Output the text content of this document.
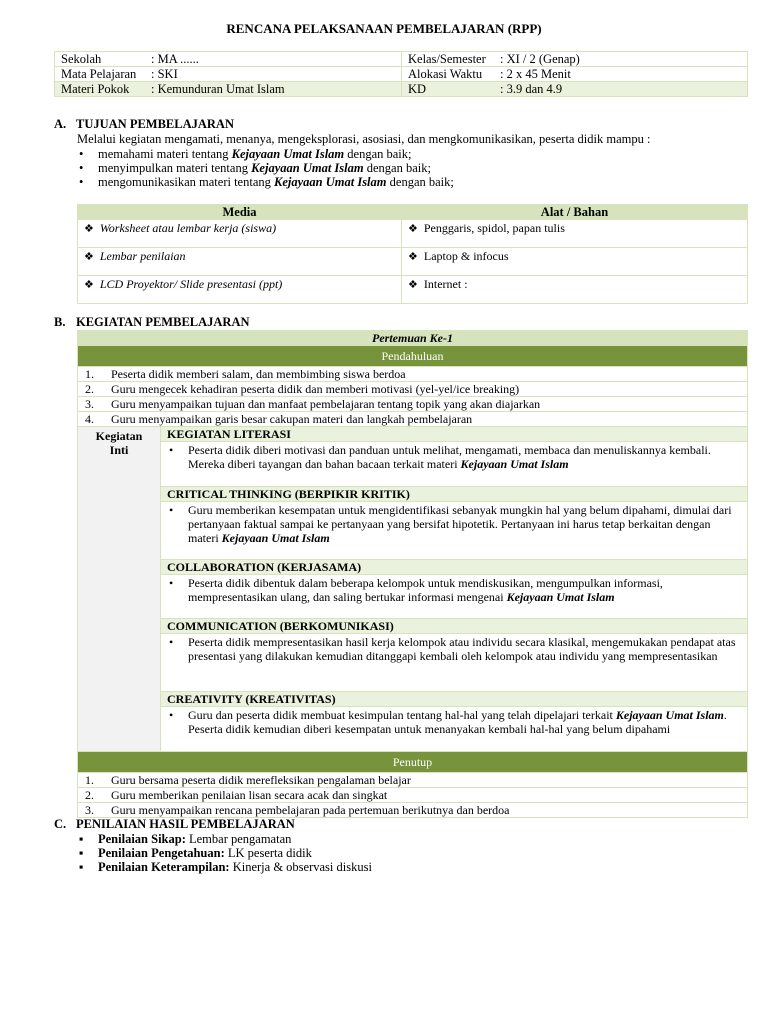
RENCANA PELAKSANAAN PEMBELAJARAN (RPP)
Sekolah : MA ......	Kelas/Semester : XI / 2 (Genap)
Mata Pelajaran : SKI	Alokasi Waktu : 2 x 45 Menit
Materi Pokok : Kemunduran Umat Islam	KD : 3.9 dan 4.9
A. TUJUAN PEMBELAJARAN
Melalui kegiatan mengamati, menanya, mengeksplorasi, asosiasi, dan mengkomunikasikan, peserta didik mampu :
• memahami materi tentang Kejayaan Umat Islam dengan baik;
• menyimpulkan materi tentang Kejayaan Umat Islam dengan baik;
• mengomunikasikan materi tentang Kejayaan Umat Islam dengan baik;
Media	Alat / Bahan
❖ Worksheet atau lembar kerja (siswa)	❖ Penggaris, spidol, papan tulis
❖ Lembar penilaian	❖ Laptop & infocus
❖ LCD Proyektor/ Slide presentasi (ppt)	❖ Internet :
B. KEGIATAN PEMBELAJARAN
Pertemuan Ke-1
Pendahuluan
1. Peserta didik memberi salam, dan membimbing siswa berdoa
2. Guru mengecek kehadiran peserta didik dan memberi motivasi (yel-yel/ice breaking)
3. Guru menyampaikan tujuan dan manfaat pembelajaran tentang topik yang akan diajarkan
4. Guru menyampaikan garis besar cakupan materi dan langkah pembelajaran
Kegiatan
Inti	KEGIATAN LITERASI

• Peserta didik diberi motivasi dan panduan untuk melihat, mengamati, membaca dan menuliskannya kembali. Mereka diberi tayangan dan bahan bacaan terkait materi Kejayaan Umat Islam

CRITICAL THINKING (BERPIKIR KRITIK)

• Guru memberikan kesempatan untuk mengidentifikasi sebanyak mungkin hal yang belum dipahami, dimulai dari pertanyaan faktual sampai ke pertanyaan yang bersifat hipotetik. Pertanyaan ini harus tetap berkaitan dengan materi Kejayaan Umat Islam

COLLABORATION (KERJASAMA)

• Peserta didik dibentuk dalam beberapa kelompok untuk mendiskusikan, mengumpulkan informasi, mempresentasikan ulang, dan saling bertukar informasi mengenai Kejayaan Umat Islam

COMMUNICATION (BERKOMUNIKASI)

• Peserta didik mempresentasikan hasil kerja kelompok atau individu secara klasikal, mengemukakan pendapat atas presentasi yang dilakukan kemudian ditanggapi kembali oleh kelompok atau individu yang mempresentasikan

CREATIVITY (KREATIVITAS)

• Guru dan peserta didik membuat kesimpulan tentang hal-hal yang telah dipelajari terkait Kejayaan Umat Islam. Peserta didik kemudian diberi kesempatan untuk menanyakan kembali hal-hal yang belum dipahami

Penutup
1. Guru bersama peserta didik merefleksikan pengalaman belajar
2. Guru memberikan penilaian lisan secara acak dan singkat
3. Guru menyampaikan rencana pembelajaran pada pertemuan berikutnya dan berdoa
C. PENILAIAN HASIL PEMBELAJARAN
▪ Penilaian Sikap: Lembar pengamatan
▪ Penilaian Pengetahuan: LK peserta didik
▪ Penilaian Keterampilan: Kinerja & observasi diskusi
